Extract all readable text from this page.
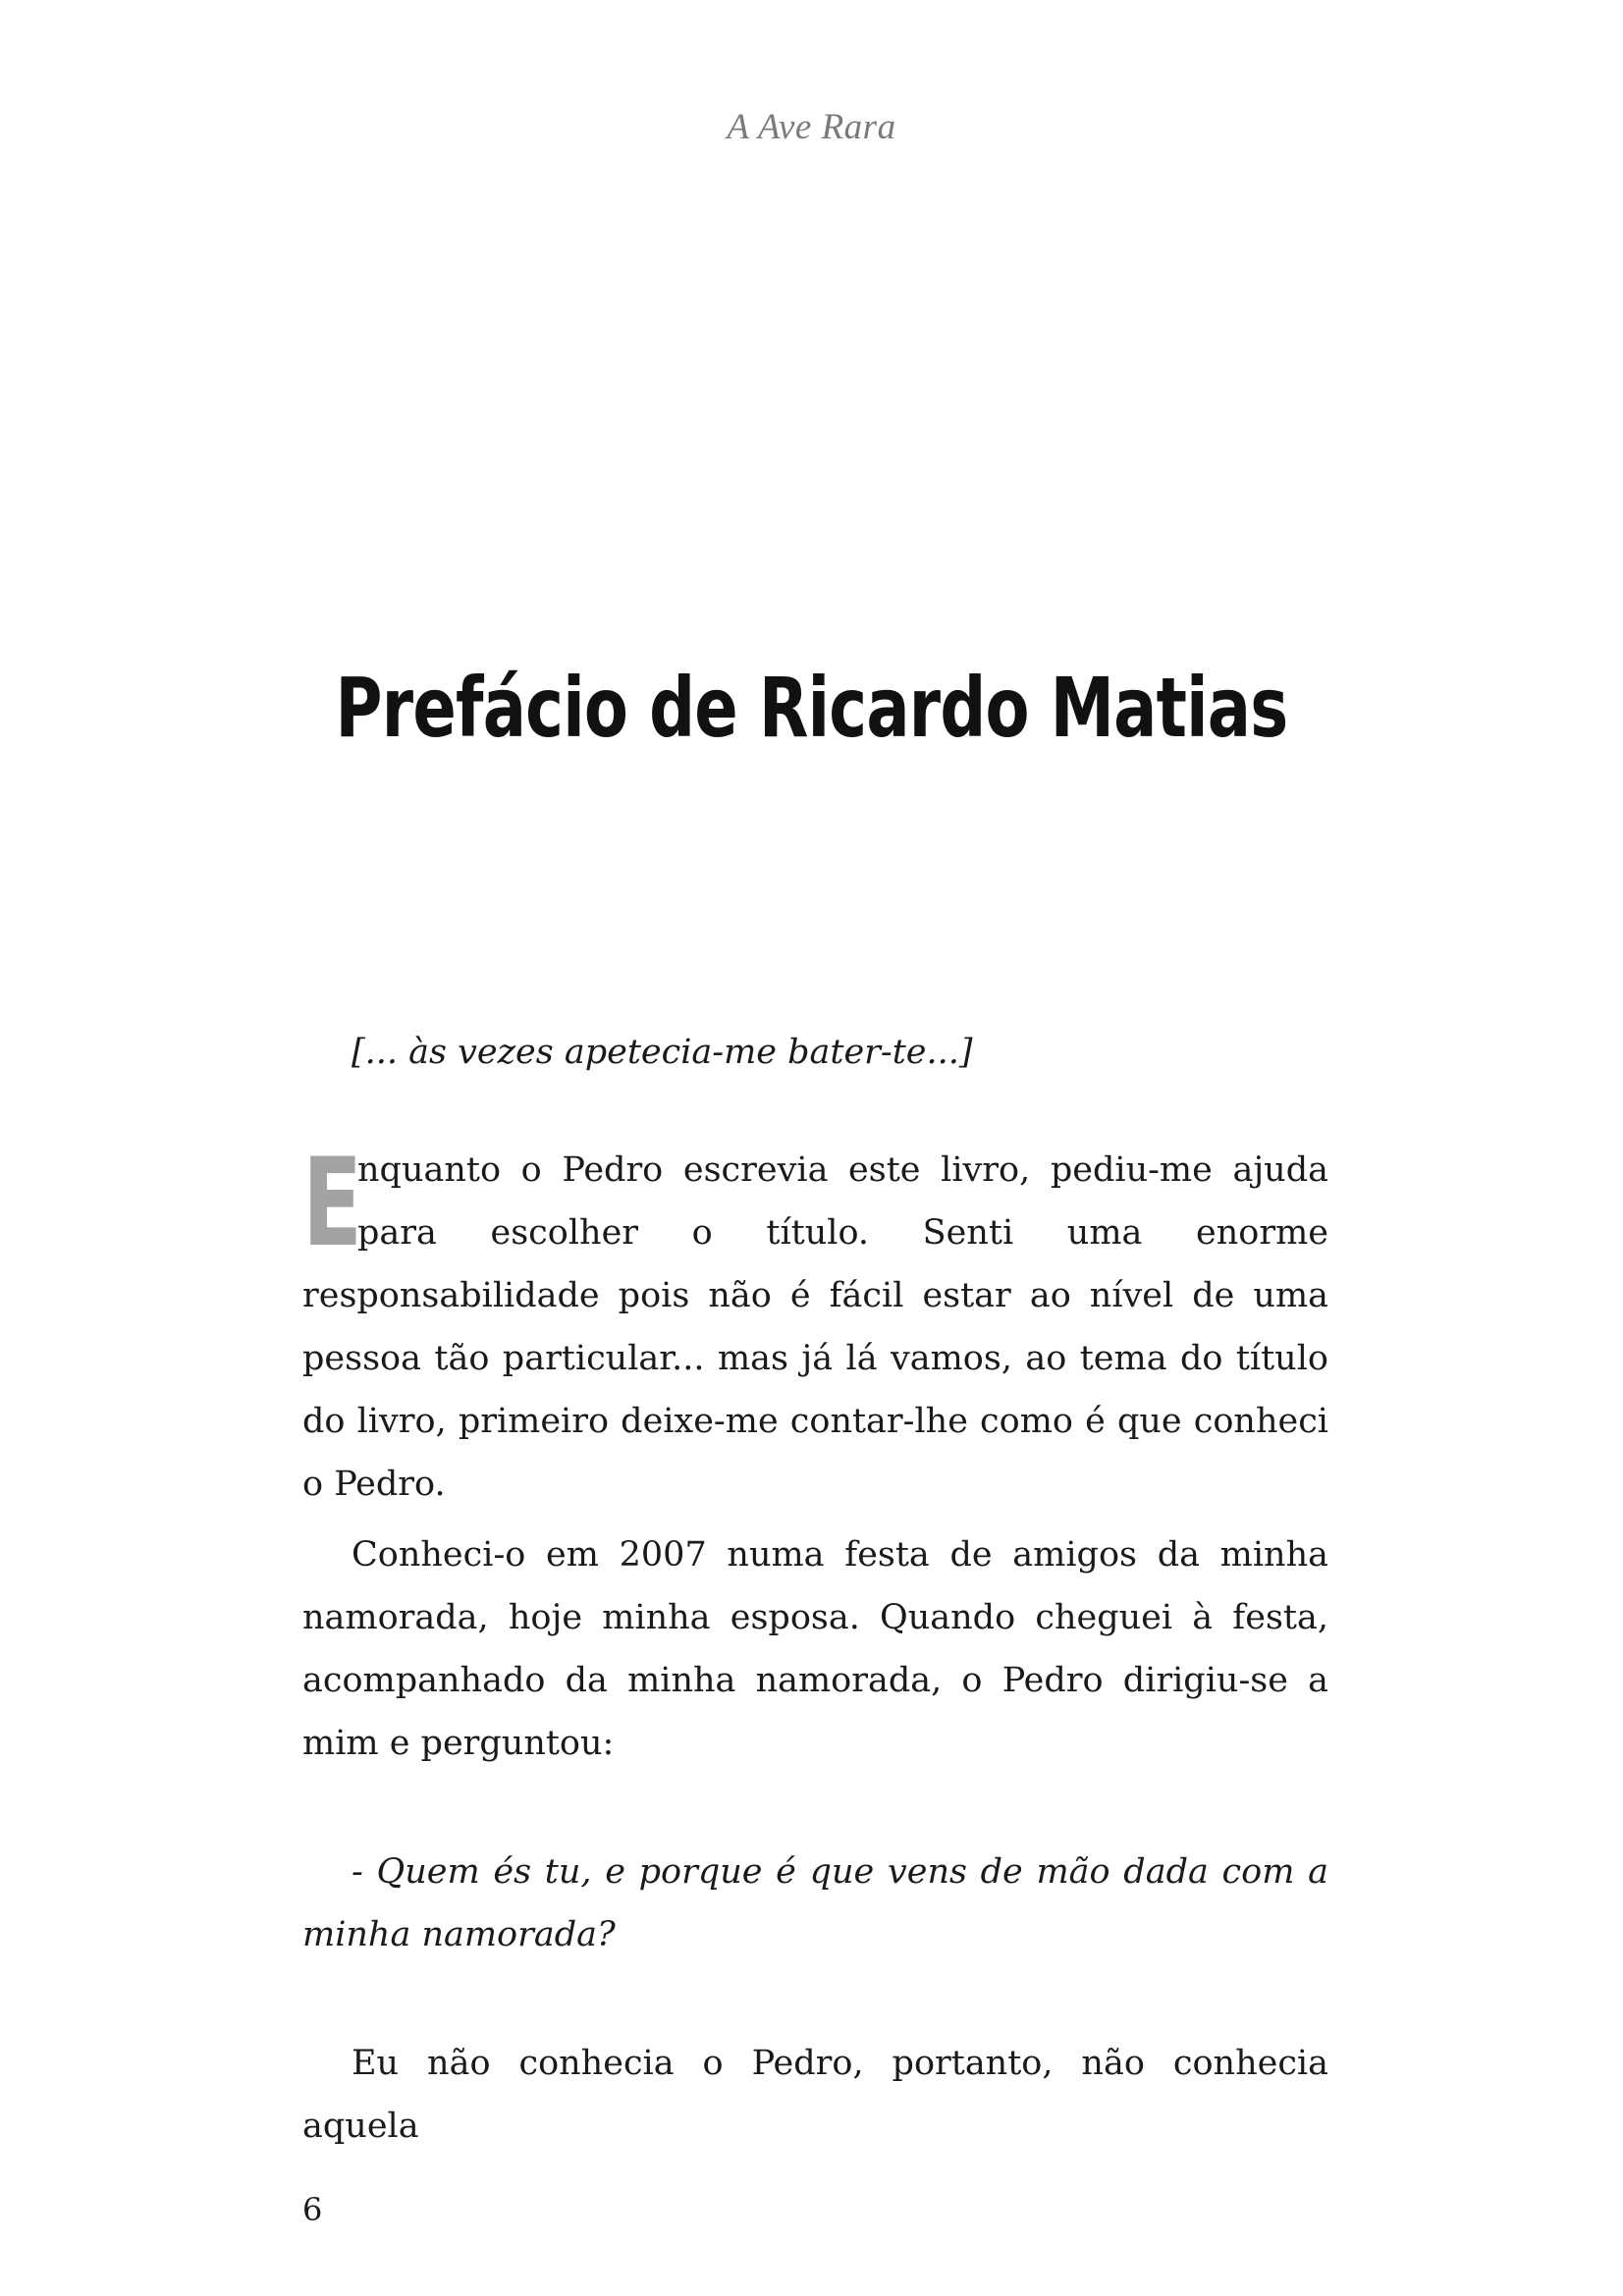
A Ave Rara
Prefácio de Ricardo Matias

[... às vezes apetecia-me bater-te...]

E
nquanto o Pedro escrevia este livro, pediu-me ajuda para escolher o título. Senti uma enorme responsabilidade pois não é fácil estar ao nível de uma pessoa tão particular... mas já lá vamos, ao tema do título do livro, primeiro deixe-me contar-lhe como é que conheci o Pedro.

Conheci-o em 2007 numa festa de amigos da minha namorada, hoje minha esposa. Quando cheguei à festa, acompanhado da minha namorada, o Pedro dirigiu-se a mim e perguntou:

- Quem és tu, e porque é que vens de mão dada com a minha namorada?

Eu não conhecia o Pedro, portanto, não conhecia aquela

6
